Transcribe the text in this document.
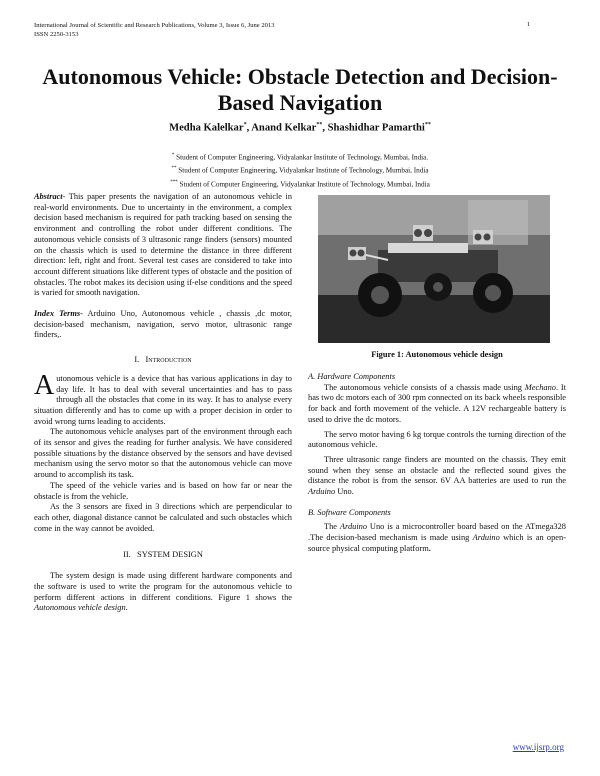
International Journal of Scientific and Research Publications, Volume 3, Issue 6, June 2013
ISSN 2250-3153
1
Autonomous Vehicle: Obstacle Detection and Decision-Based Navigation
Medha Kalelkar*, Anand Kelkar**, Shashidhar Pamarthi**
* Student of Computer Engineering, Vidyalankar Institute of Technology, Mumbai, India.
** Student of Computer Engineering, Vidyalankar Institute of Technology, Mumbai, India
*** Student of Computer Engineering, Vidyalankar Institute of Technology, Mumbai, India

Abstract- This paper presents the navigation of an autonomous vehicle in real-world environments. Due to uncertainty in the environment, a complex decision based mechanism is required for path tracking based on sensing the environment and controlling the robot under different conditions. The autonomous vehicle consists of 3 ultrasonic range finders (sensors) mounted on the chassis which is used to determine the distance in three different direction: left, right and front. Several test cases are considered to take into account different situations like different types of obstacle and the position of obstacles. The robot makes its decision using if-else conditions and the speed is varied for smooth navigation.

Index Terms- Arduino Uno, Autonomous vehicle , chassis ,dc motor, decision-based mechanism, navigation, servo motor, ultrasonic range finders,.

I. Introduction

Autonomous vehicle is a device that has various applications in day to day life. It has to deal with several uncertainties and has to pass through all the obstacles that come in its way. It has to analyse every situation differently and has to come up with a proper decision in order to avoid wrong turns leading to accidents.

The autonomous vehicle analyses part of the environment through each of its sensor and gives the reading for further analysis. We have considered possible situations by the distance observed by the sensors and have devised mechanism using the servo motor so that the autonomous vehicle can move around to accomplish its task.

The speed of the vehicle varies and is based on how far or near the obstacle is from the vehicle.

As the 3 sensors are fixed in 3 directions which are perpendicular to each other, diagonal distance cannot be calculated and such obstacles which come in the way cannot be avoided.

II. SYSTEM DESIGN

The system design is made using different hardware components and the software is used to write the program for the autonomous vehicle to perform different actions in different conditions. Figure 1 shows the Autonomous vehicle design.

Figure 1: Autonomous vehicle design

A. Hardware Components

The autonomous vehicle consists of a chassis made using Mechano. It has two dc motors each of 300 rpm connected on its back wheels responsible for back and forth movement of the vehicle. A 12V rechargeable battery is used to drive the dc motors.

The servo motor having 6 kg torque controls the turning direction of the autonomous vehicle.

Three ultrasonic range finders are mounted on the chassis. They emit sound when they sense an obstacle and the reflected sound gives the distance the robot is from the sensor. 6V AA batteries are used to run the Arduino Uno.

B. Software Components

The Arduino Uno is a microcontroller board based on the ATmega328 .The decision-based mechanism is made using Arduino which is an open-source physical computing platform.

www.ijsrp.org
